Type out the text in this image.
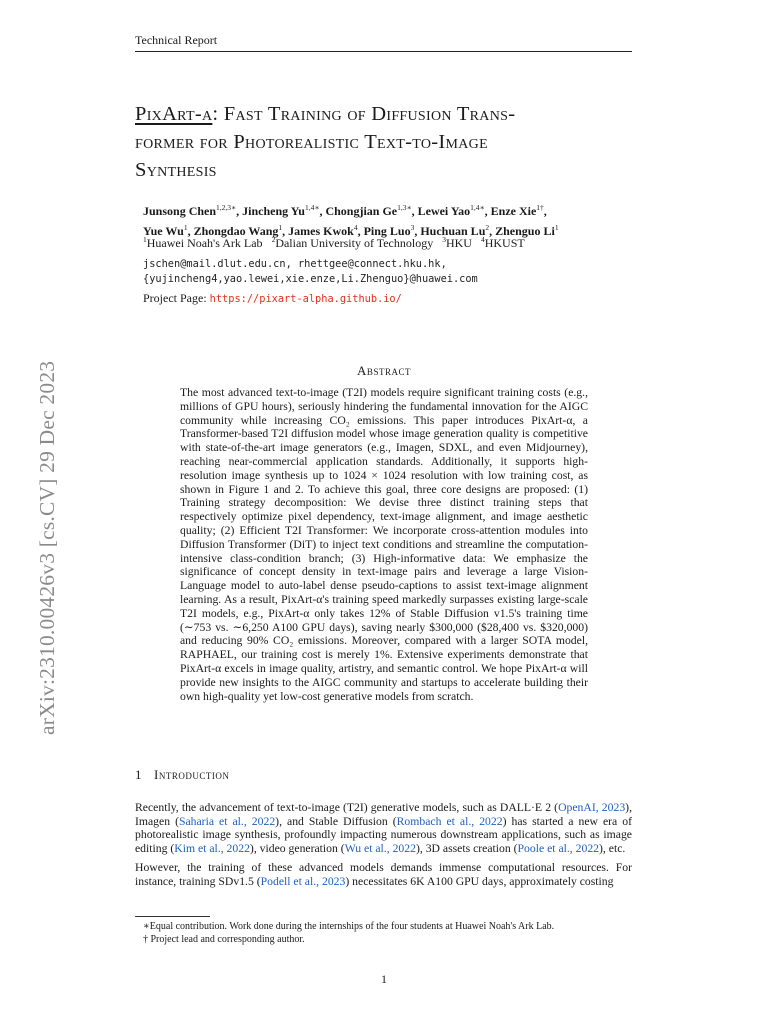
Technical Report
arXiv:2310.00426v3 [cs.CV] 29 Dec 2023
PixArt-α: Fast Training of Diffusion Trans-
former for Photorealistic Text-to-Image
Synthesis
Junsong Chen$^{1,2,3∗}$, Jincheng $Yu^{1,4∗}$, Chongjian $Ge^{1,3∗}$, Lewei Yao$^{1,4∗}$, Enze Xie$^{1\dagger}$,
Yue Wu$^1$, Zhongdao Wang$^1$, James Kwok$^4$, Ping Luo$^3$, Huchuan Lu$^2$, Zhenguo Li$^1$
$^1$Huawei Noah's Ark Lab $^2$Dalian University of Technology $^3$HKU $^4$HKUST
jschen@mail.dlut.edu.cn, rhettgee@connect.hku.hk,
{yujincheng4,yao.lewei,xie.enze,Li.Zhenguo}@huawei.com
Project Page: https://pixart-alpha.github.io/
Abstract
The most advanced text-to-image (T2I) models require significant training costs (e.g., millions of GPU hours), seriously hindering the fundamental innovation for the AIGC community while increasing CO₂ emissions. This paper introduces PixArt-α, a Transformer-based T2I diffusion model whose image generation quality is competitive with state-of-the-art image generators (e.g., Imagen, SDXL, and even Midjourney), reaching near-commercial application standards. Additionally, it supports high-resolution image synthesis up to 1024 × 1024 resolution with low training cost, as shown in Figure 1 and 2. To achieve this goal, three core designs are proposed: (1) Training strategy decomposition: We devise three distinct training steps that respectively optimize pixel dependency, text-image alignment, and image aesthetic quality; (2) Efficient T2I Transformer: We incorporate cross-attention modules into Diffusion Transformer (DiT) to inject text conditions and streamline the computation-intensive class-condition branch; (3) High-informative data: We emphasize the significance of concept density in text-image pairs and leverage a large Vision-Language model to auto-label dense pseudo-captions to assist text-image alignment learning. As a result, PixArt-α's training speed markedly surpasses existing large-scale T2I models, e.g., PixArt-α only takes 12% of Stable Diffusion v1.5's training time (∼753 vs. ∼6,250 A100 GPU days), saving nearly $300,000 ($28,400 vs. $320,000) and reducing 90% CO₂ emissions. Moreover, compared with a larger SOTA model, RAPHAEL, our training cost is merely 1%. Extensive experiments demonstrate that PixArt-α excels in image quality, artistry, and semantic control. We hope PixArt-α will provide new insights to the AIGC community and startups to accelerate building their own high-quality yet low-cost generative models from scratch.
1 Introduction

Recently, the advancement of text-to-image (T2I) generative models, such as DALL·E 2 (OpenAI, 2023), Imagen (Saharia et al., 2022), and Stable Diffusion (Rombach et al., 2022) has started a new era of photorealistic image synthesis, profoundly impacting numerous downstream applications, such as image editing (Kim et al., 2022), video generation (Wu et al., 2022), 3D assets creation (Poole et al., 2022), etc.

However, the training of these advanced models demands immense computational resources. For instance, training SDv1.5 (Podell et al., 2023) necessitates 6K A100 GPU days, approximately costing

∗Equal contribution. Work done during the internships of the four students at Huawei Noah's Ark Lab.
† Project lead and corresponding author.
1
